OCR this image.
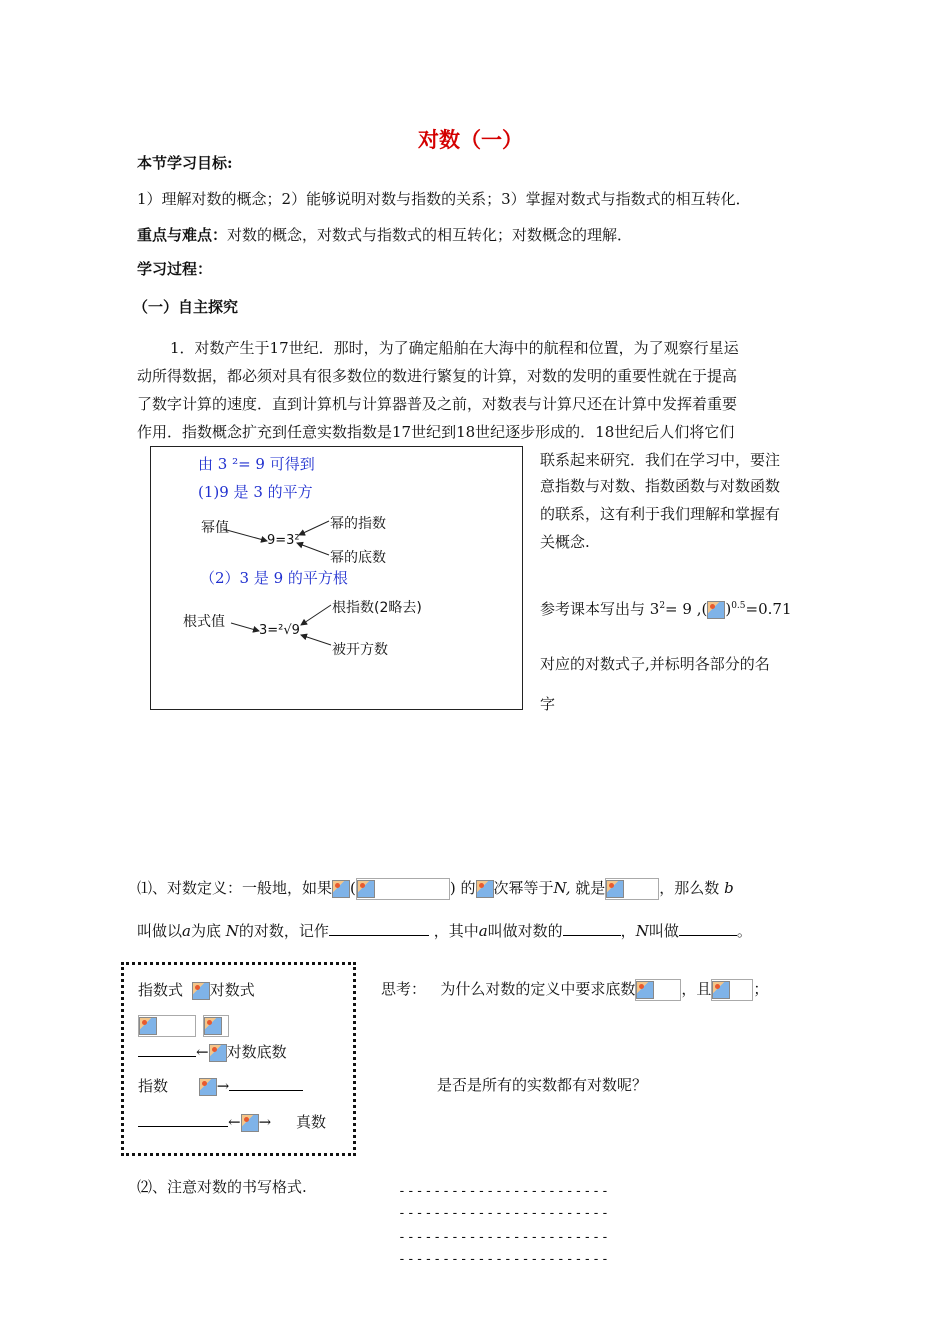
对数（一）
本节学习目标:
1）理解对数的概念；2）能够说明对数与指数的关系；3）掌握对数式与指数式的相互转化．
重点与难点：对数的概念，对数式与指数式的相互转化；对数概念的理解．
学习过程：
（一）自主探究
1．对数产生于17世纪．那时，为了确定船舶在大海中的航程和位置，为了观察行星运
动所得数据，都必须对具有很多数位的数进行繁复的计算，对数的发明的重要性就在于提高
了数字计算的速度．直到计算机与计算器普及之前，对数表与计算尺还在计算中发挥着重要
作用．指数概念扩充到任意实数指数是17世纪到18世纪逐步形成的．18世纪后人们将它们
由 3 ²= 9 可得到
(1)9 是 3 的平方
幂值
9=3²
幂的指数
幂的底数
（2）3 是 9 的平方根
根式值
3=²√9
根指数(2略去)
被开方数
联系起来研究．我们在学习中，要注
意指数与对数、指数函数与对数函数
的联系，这有利于我们理解和掌握有
关概念.
参考课本写出与 $3^2= 9$ ,( )$^{0.5}$=0.71
对应的对数式子,并标明各部分的名
字
⑴、对数定义：一般地，如果 (	) 的 次幂等于N, 就是	，那么数 b
叫做以a为底 N的对数，记作	，其中a叫做对数的	，N叫做	。
指数式 对数式

← 对数底数
指数	→
← → 真数
思考： 为什么对数的定义中要求底数	，且	；
是否是所有的实数都有对数呢？
⑵、注意对数的书写格式.	------------------------
------------------------
------------------------
------------------------
